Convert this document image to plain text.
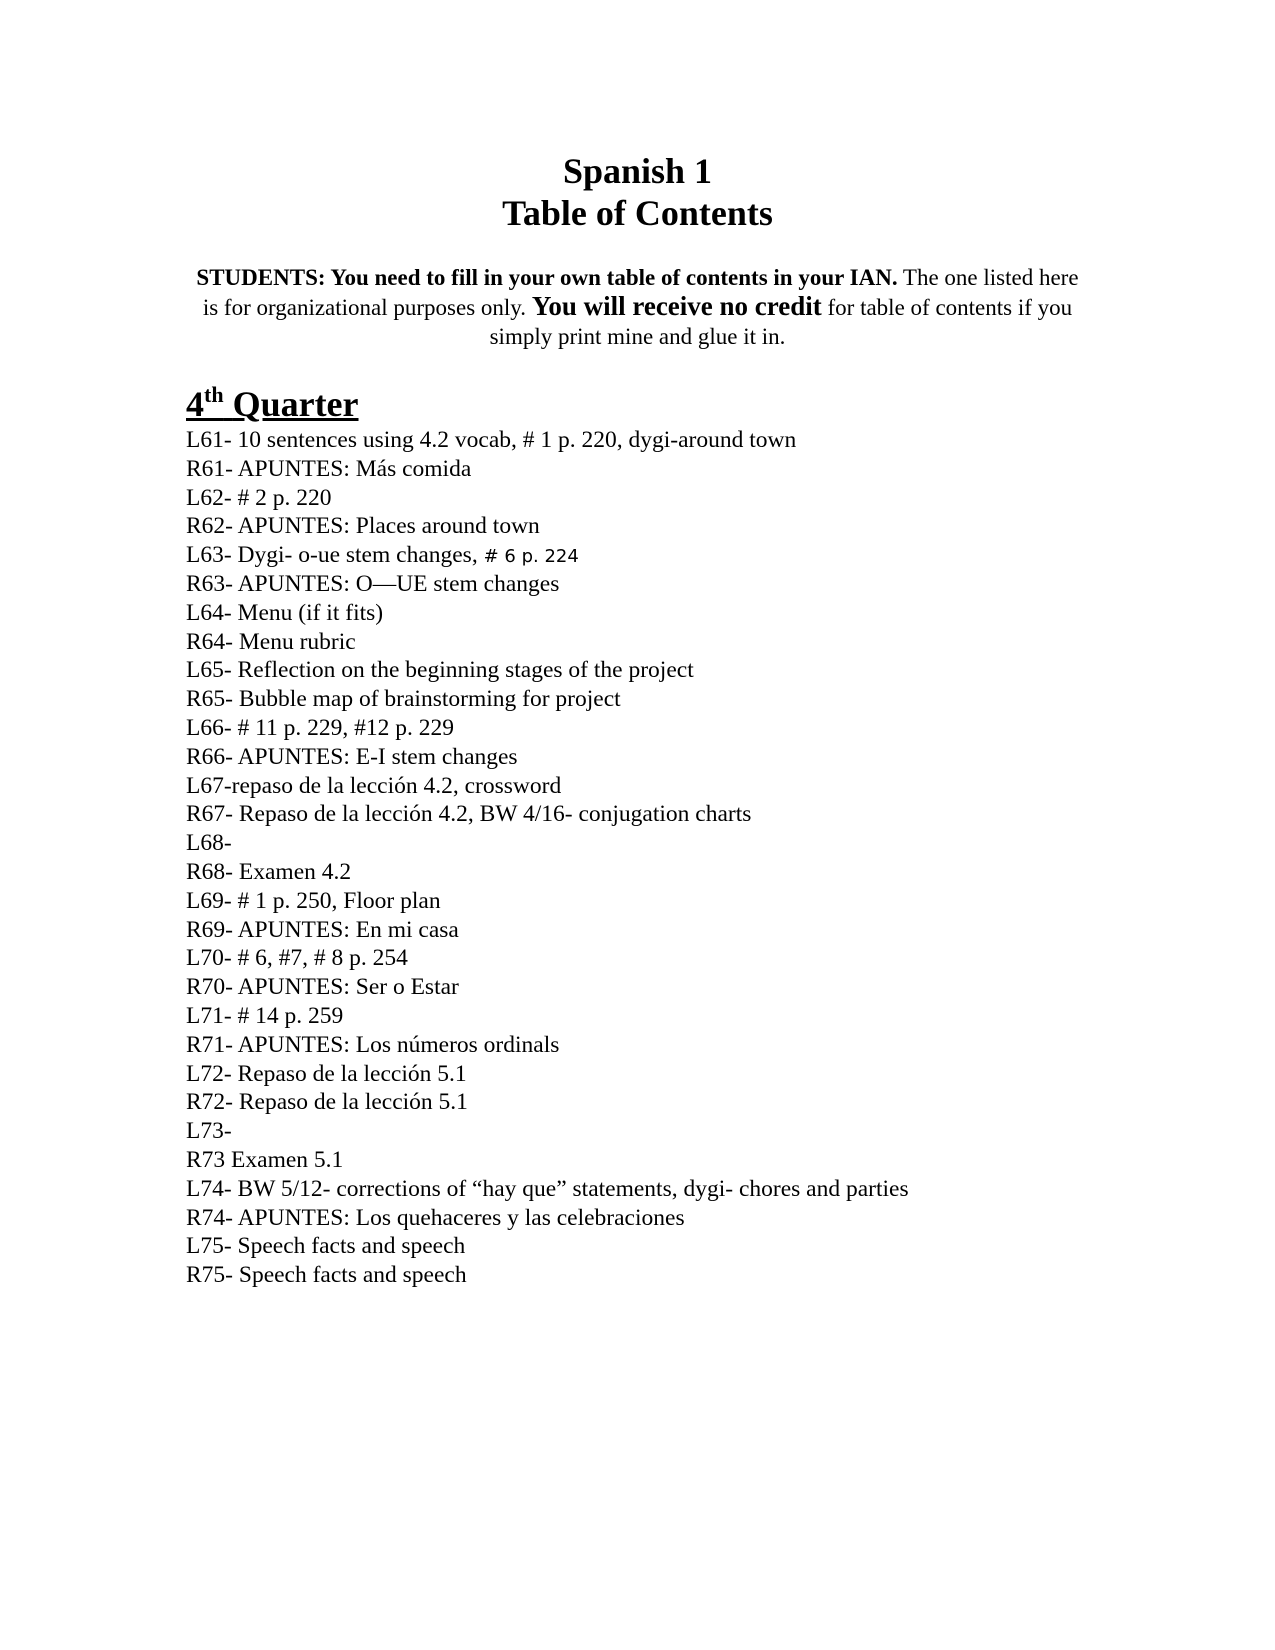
Spanish 1
Table of Contents

STUDENTS: You need to fill in your own table of contents in your IAN. The one listed here is for organizational purposes only. You will receive no credit for table of contents if you simply print mine and glue it in.

4th Quarter
L61- 10 sentences using 4.2 vocab, # 1 p. 220, dygi-around town
R61- APUNTES: Más comida
L62- # 2 p. 220
R62- APUNTES: Places around town
L63- Dygi- o-ue stem changes, # 6 p. 224
R63- APUNTES: O—UE stem changes
L64- Menu (if it fits)
R64- Menu rubric
L65- Reflection on the beginning stages of the project
R65- Bubble map of brainstorming for project
L66- # 11 p. 229, #12 p. 229
R66- APUNTES: E-I stem changes
L67-repaso de la lección 4.2, crossword
R67- Repaso de la lección 4.2, BW 4/16- conjugation charts
L68-
R68- Examen 4.2
L69- # 1 p. 250, Floor plan
R69- APUNTES: En mi casa
L70- # 6, #7, # 8 p. 254
R70- APUNTES: Ser o Estar
L71- # 14 p. 259
R71- APUNTES: Los números ordinals
L72- Repaso de la lección 5.1
R72- Repaso de la lección 5.1
L73-
R73 Examen 5.1
L74- BW 5/12- corrections of “hay que” statements, dygi- chores and parties
R74- APUNTES: Los quehaceres y las celebraciones
L75- Speech facts and speech
R75- Speech facts and speech
